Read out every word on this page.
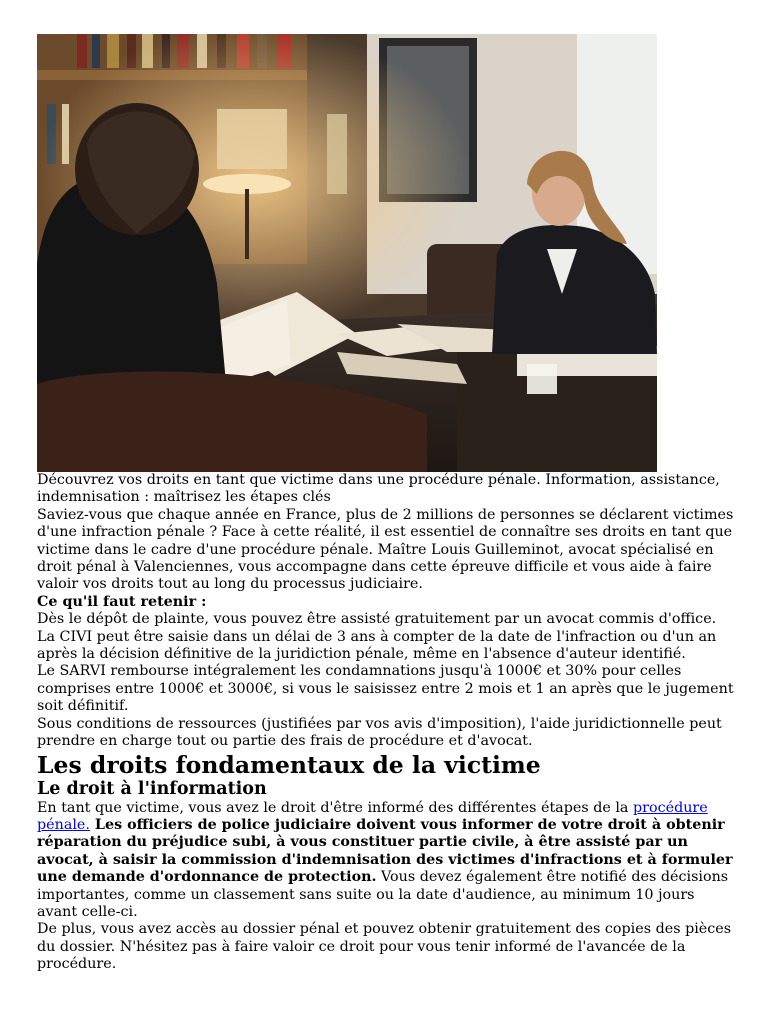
Découvrez vos droits en tant que victime dans une procédure pénale. Information, assistance, indemnisation : maîtrisez les étapes clés

Saviez-vous que chaque année en France, plus de 2 millions de personnes se déclarent victimes d'une infraction pénale ? Face à cette réalité, il est essentiel de connaître ses droits en tant que victime dans le cadre d'une procédure pénale. Maître Louis Guilleminot, avocat spécialisé en droit pénal à Valenciennes, vous accompagne dans cette épreuve difficile et vous aide à faire valoir vos droits tout au long du processus judiciaire.

Ce qu'il faut retenir :

Dès le dépôt de plainte, vous pouvez être assisté gratuitement par un avocat commis d'office.

La CIVI peut être saisie dans un délai de 3 ans à compter de la date de l'infraction ou d'un an après la décision définitive de la juridiction pénale, même en l'absence d'auteur identifié.

Le SARVI rembourse intégralement les condamnations jusqu'à 1000€ et 30% pour celles comprises entre 1000€ et 3000€, si vous le saisissez entre 2 mois et 1 an après que le jugement soit définitif.

Sous conditions de ressources (justifiées par vos avis d'imposition), l'aide juridictionnelle peut prendre en charge tout ou partie des frais de procédure et d'avocat.

Les droits fondamentaux de la victime
Le droit à l'information

En tant que victime, vous avez le droit d'être informé des différentes étapes de la procédure pénale. Les officiers de police judiciaire doivent vous informer de votre droit à obtenir réparation du préjudice subi, à vous constituer partie civile, à être assisté par un avocat, à saisir la commission d'indemnisation des victimes d'infractions et à formuler une demande d'ordonnance de protection. Vous devez également être notifié des décisions importantes, comme un classement sans suite ou la date d'audience, au minimum 10 jours avant celle-ci.

De plus, vous avez accès au dossier pénal et pouvez obtenir gratuitement des copies des pièces du dossier. N'hésitez pas à faire valoir ce droit pour vous tenir informé de l'avancée de la procédure.
